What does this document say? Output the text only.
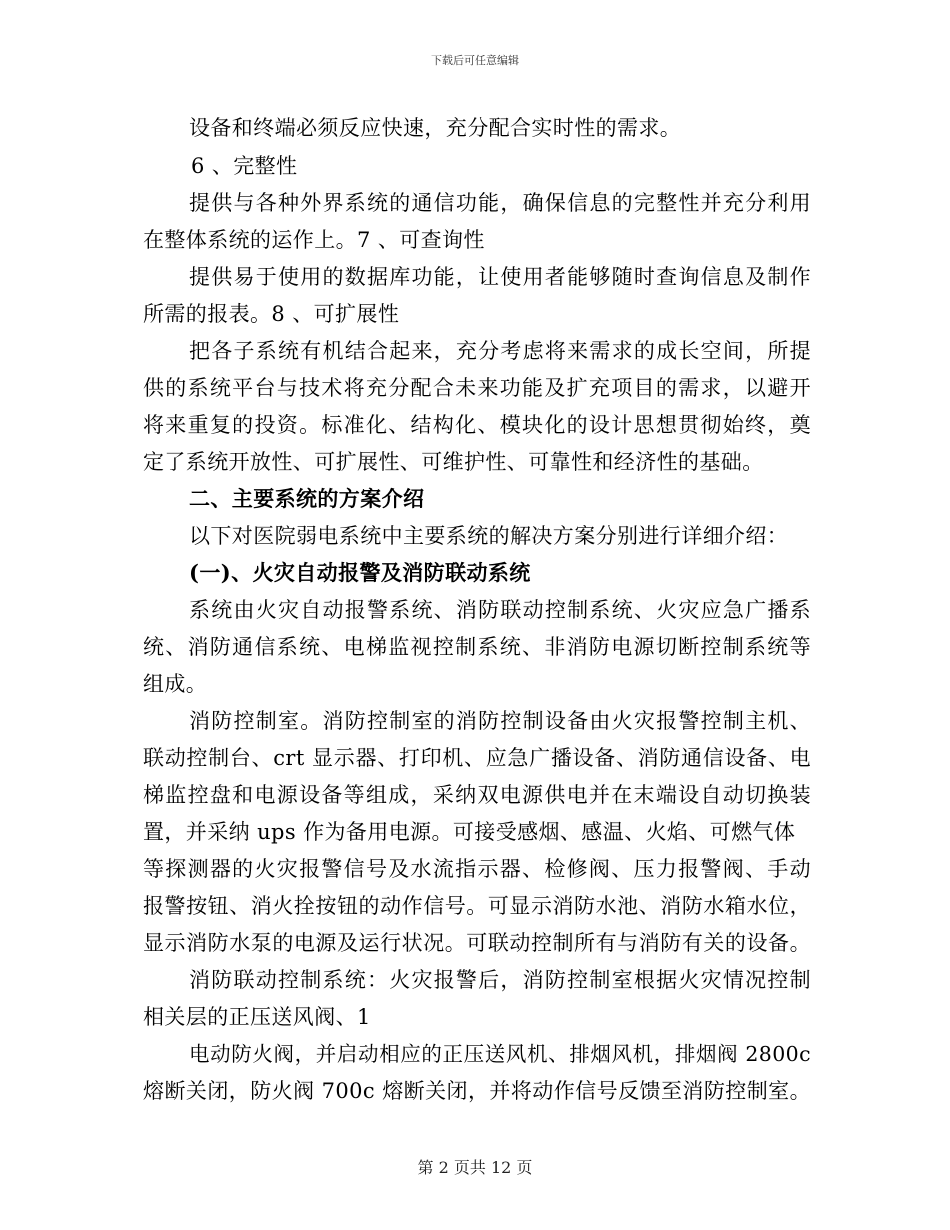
下载后可任意编辑
设备和终端必须反应快速，充分配合实时性的需求。
6 、完整性
提供与各种外界系统的通信功能，确保信息的完整性并充分利用
在整体系统的运作上。7 、可查询性
提供易于使用的数据库功能，让使用者能够随时查询信息及制作
所需的报表。8 、可扩展性
把各子系统有机结合起来，充分考虑将来需求的成长空间，所提
供的系统平台与技术将充分配合未来功能及扩充项目的需求，以避开
将来重复的投资。标准化、结构化、模块化的设计思想贯彻始终，奠
定了系统开放性、可扩展性、可维护性、可靠性和经济性的基础。
二、主要系统的方案介绍
以下对医院弱电系统中主要系统的解决方案分别进行详细介绍：
(一)、火灾自动报警及消防联动系统
系统由火灾自动报警系统、消防联动控制系统、火灾应急广播系
统、消防通信系统、电梯监视控制系统、非消防电源切断控制系统等
组成。
消防控制室。消防控制室的消防控制设备由火灾报警控制主机、
联动控制台、crt 显示器、打印机、应急广播设备、消防通信设备、电
梯监控盘和电源设备等组成，采纳双电源供电并在末端设自动切换装
置，并采纳 ups 作为备用电源。可接受感烟、感温、火焰、可燃气体
等探测器的火灾报警信号及水流指示器、检修阀、压力报警阀、手动
报警按钮、消火拴按钮的动作信号。可显示消防水池、消防水箱水位，
显示消防水泵的电源及运行状况。可联动控制所有与消防有关的设备。
消防联动控制系统：火灾报警后，消防控制室根据火灾情况控制
相关层的正压送风阀、1
电动防火阀，并启动相应的正压送风机、排烟风机，排烟阀 2800c
熔断关闭，防火阀 700c 熔断关闭，并将动作信号反馈至消防控制室。
第 2 页共 12 页
